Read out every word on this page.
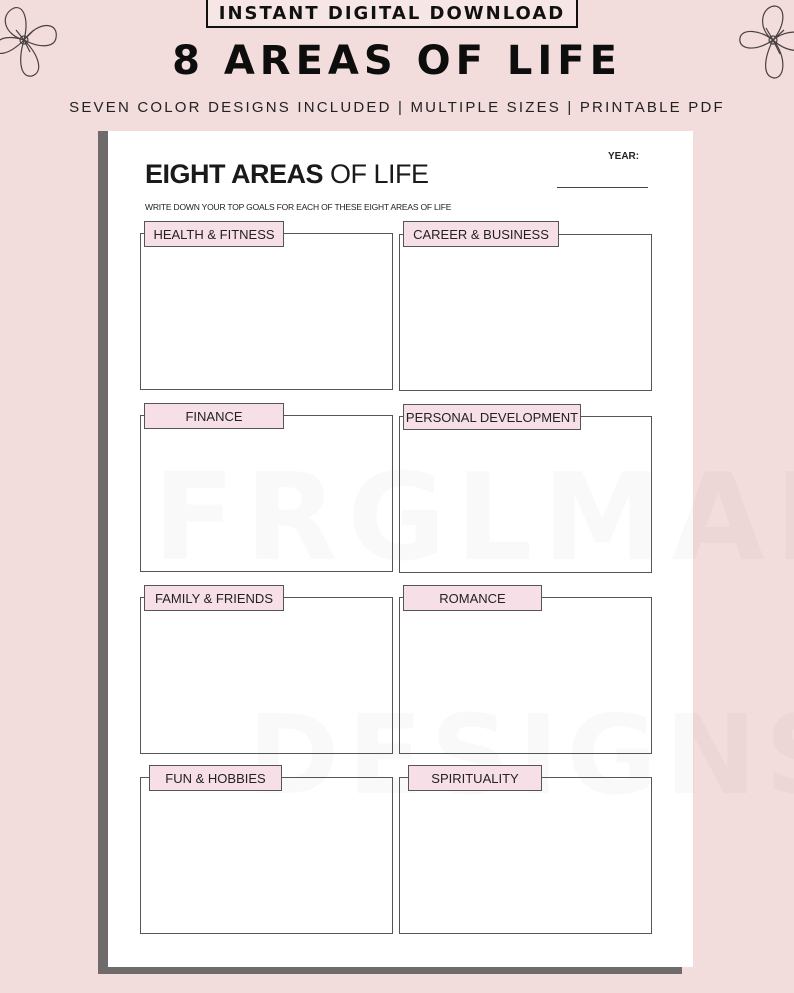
INSTANT DIGITAL DOWNLOAD
8 AREAS OF LIFE
SEVEN COLOR DESIGNS INCLUDED | MULTIPLE SIZES | PRINTABLE PDF
EIGHT AREAS OF LIFE
YEAR:
WRITE DOWN YOUR TOP GOALS FOR EACH OF THESE EIGHT AREAS OF LIFE
HEALTH & FITNESS	CAREER & BUSINESS
FINANCE	PERSONAL DEVELOPMENT
FAMILY & FRIENDS	ROMANCE
FUN & HOBBIES	SPIRITUALITY
